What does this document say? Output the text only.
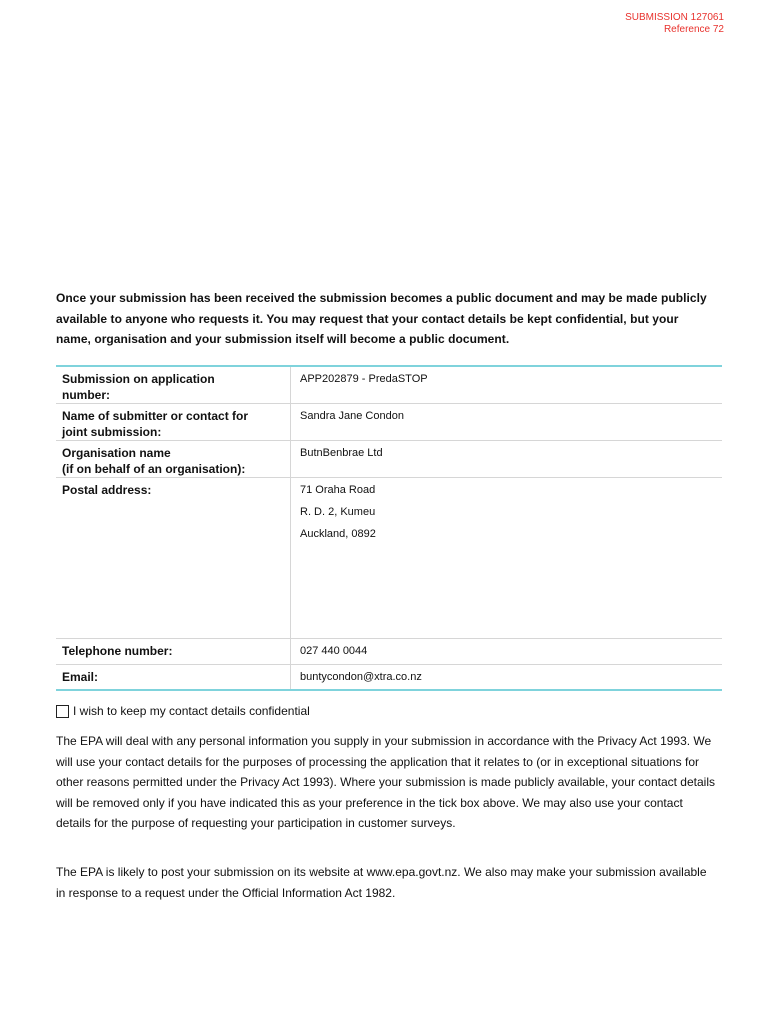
SUBMISSION 127061
Reference 72

Once your submission has been received the submission becomes a public document and may be made publicly available to anyone who requests it. You may request that your contact details be kept confidential, but your name, organisation and your submission itself will become a public document.

Submission on application
number:	APP202879 - PredaSTOP
Name of submitter or contact for
joint submission:	Sandra Jane Condon
Organisation name
(if on behalf of an organisation):	ButnBenbrae Ltd
Postal address:	71 Oraha Road
R. D. 2, Kumeu
Auckland, 0892

Telephone number:	027 440 0044
Email:	buntycondon@xtra.co.nz
I wish to keep my contact details confidential

The EPA will deal with any personal information you supply in your submission in accordance with the Privacy Act 1993. We will use your contact details for the purposes of processing the application that it relates to (or in exceptional situations for other reasons permitted under the Privacy Act 1993). Where your submission is made publicly available, your contact details will be removed only if you have indicated this as your preference in the tick box above. We may also use your contact details for the purpose of requesting your participation in customer surveys.

The EPA is likely to post your submission on its website at www.epa.govt.nz. We also may make your submission available in response to a request under the Official Information Act 1982.
